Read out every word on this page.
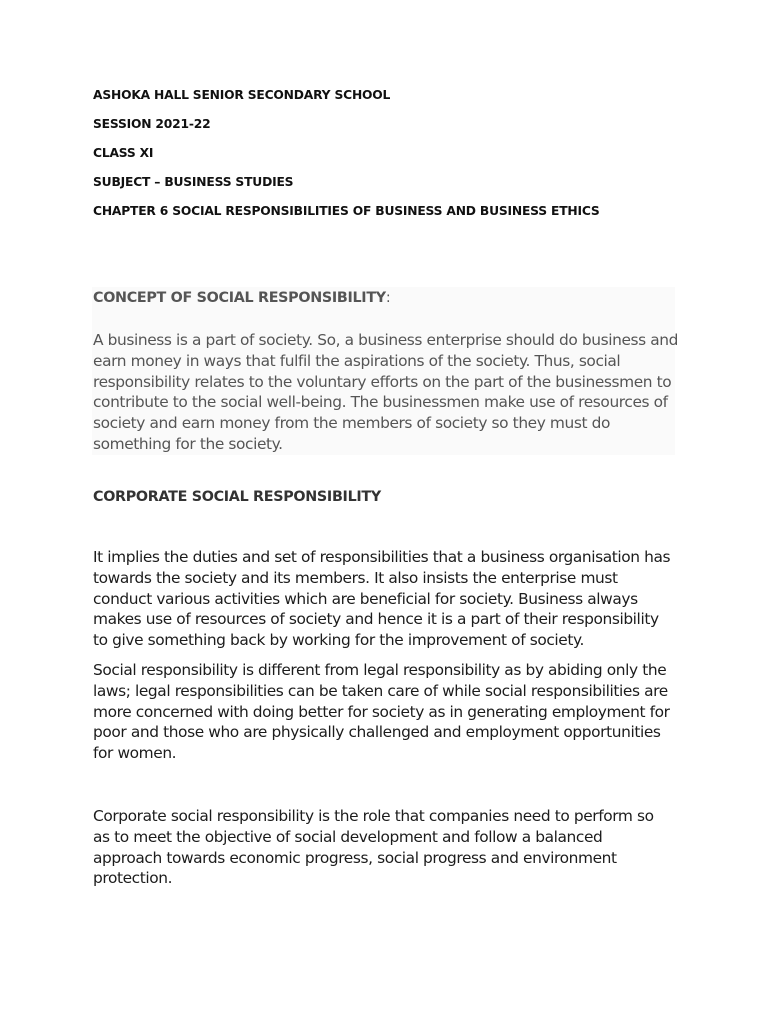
ASHOKA HALL SENIOR SECONDARY SCHOOL
SESSION 2021-22
CLASS XI
SUBJECT – BUSINESS STUDIES
CHAPTER 6 SOCIAL RESPONSIBILITIES OF BUSINESS AND BUSINESS ETHICS
CONCEPT OF SOCIAL RESPONSIBILITY:
A business is a part of society. So, a business enterprise should do business and
earn money in ways that fulfil the aspirations of the society. Thus, social
responsibility relates to the voluntary efforts on the part of the businessmen to
contribute to the social well-being. The businessmen make use of resources of
society and earn money from the members of society so they must do
something for the society.
CORPORATE SOCIAL RESPONSIBILITY
It implies the duties and set of responsibilities that a business organisation has
towards the society and its members. It also insists the enterprise must
conduct various activities which are beneficial for society. Business always
makes use of resources of society and hence it is a part of their responsibility
to give something back by working for the improvement of society.
Social responsibility is different from legal responsibility as by abiding only the
laws; legal responsibilities can be taken care of while social responsibilities are
more concerned with doing better for society as in generating employment for
poor and those who are physically challenged and employment opportunities
for women.
Corporate social responsibility is the role that companies need to perform so
as to meet the objective of social development and follow a balanced
approach towards economic progress, social progress and environment
protection.
